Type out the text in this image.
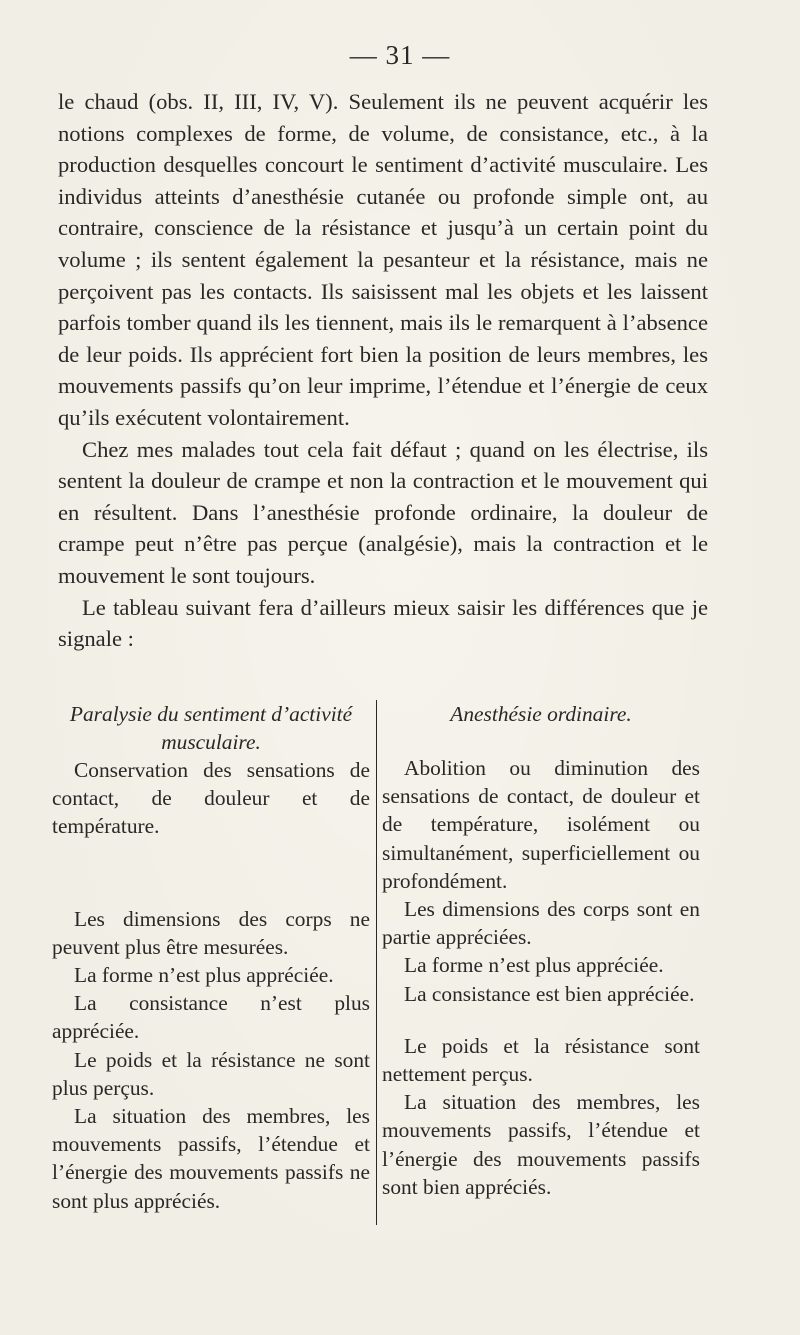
— 31 —

le chaud (obs. II, III, IV, V). Seulement ils ne peuvent acquérir les notions complexes de forme, de volume, de consistance, etc., à la production desquelles concourt le sentiment d’activité musculaire. Les individus atteints d’anesthésie cutanée ou profonde simple ont, au contraire, conscience de la résistance et jusqu’à un certain point du volume ; ils sentent également la pesanteur et la résistance, mais ne perçoivent pas les contacts. Ils saisissent mal les objets et les laissent parfois tomber quand ils les tiennent, mais ils le remarquent à l’absence de leur poids. Ils apprécient fort bien la position de leurs membres, les mouvements passifs qu’on leur imprime, l’étendue et l’énergie de ceux qu’ils exécutent volontairement.

Chez mes malades tout cela fait défaut ; quand on les électrise, ils sentent la douleur de crampe et non la contraction et le mouvement qui en résultent. Dans l’anesthésie profonde ordinaire, la douleur de crampe peut n’être pas perçue (analgésie), mais la contraction et le mouvement le sont toujours.

Le tableau suivant fera d’ailleurs mieux saisir les différences que je signale :

Paralysie du sentiment d’activité musculaire.

Conservation des sensations de contact, de douleur et de température.

Les dimensions des corps ne peuvent plus être mesurées.

La forme n’est plus appréciée.

La consistance n’est plus appréciée.

Le poids et la résistance ne sont plus perçus.

La situation des membres, les mouvements passifs, l’étendue et l’énergie des mouvements passifs ne sont plus appréciés.

Anesthésie ordinaire.

Abolition ou diminution des sensations de contact, de douleur et de température, isolément ou simultanément, superficiellement ou profondément.

Les dimensions des corps sont en partie appréciées.

La forme n’est plus appréciée.

La consistance est bien appréciée.

Le poids et la résistance sont nettement perçus.

La situation des membres, les mouvements passifs, l’étendue et l’énergie des mouvements passifs sont bien appréciés.
